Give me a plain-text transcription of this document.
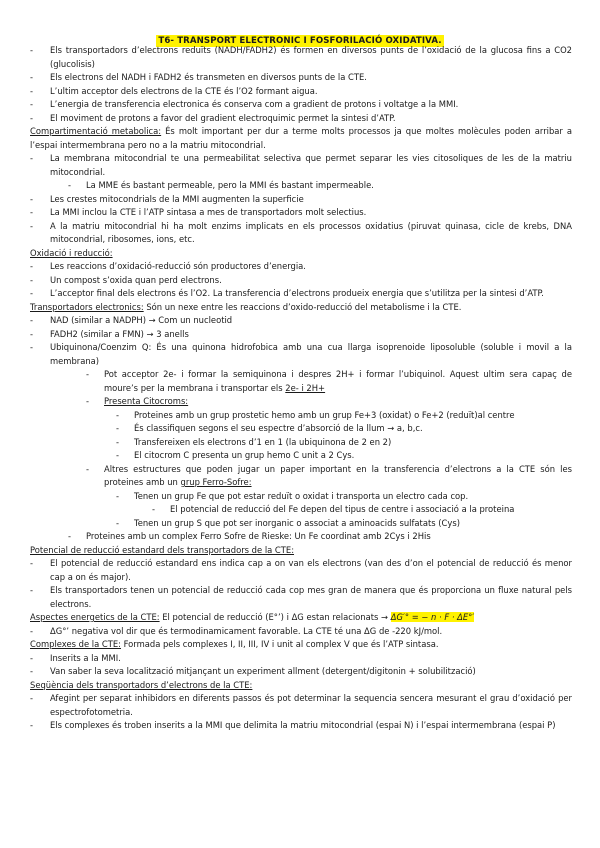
T6- TRANSPORT ELECTRONIC I FOSFORILACIÓ OXIDATIVA.
- Els transportadors d’electrons reduïts (NADH/FADH2) és formen en diversos punts de l’oxidació de la glucosa fins a CO2 (glucolisis)
- Els electrons del NADH i FADH2 és transmeten en diversos punts de la CTE.
- L’ultim acceptor dels electrons de la CTE és l’O2 formant aigua.
- L’energia de transferencia electronica és conserva com a gradient de protons i voltatge a la MMI.
- El moviment de protons a favor del gradient electroquimic permet la sintesi d’ATP.
Compartimentació metabolica: És molt important per dur a terme molts processos ja que moltes molècules poden arribar a l’espai intermembrana pero no a la matriu mitocondrial.
- La membrana mitocondrial te una permeabilitat selectiva que permet separar les vies citosoliques de les de la matriu mitocondrial.
- La MME és bastant permeable, pero la MMI és bastant impermeable.
- Les crestes mitocondrials de la MMI augmenten la superficie
- La MMI inclou la CTE i l’ATP sintasa a mes de transportadors molt selectius.
- A la matriu mitocondrial hi ha molt enzims implicats en els processos oxidatius (piruvat quinasa, cicle de krebs, DNA mitocondrial, ribosomes, ions, etc.
Oxidació i reducció:
- Les reaccions d’oxidació-reducció són productores d’energia.
- Un compost s’oxida quan perd electrons.
- L’acceptor final dels electrons és l’O2. La transferencia d’electrons produeix energia que s’utilitza per la sintesi d’ATP.
Transportadors electronics: Són un nexe entre les reaccions d’oxido-reducció del metabolisme i la CTE.
- NAD (similar a NADPH) → Com un nucleotid
- FADH2 (similar a FMN) → 3 anells
- Ubiquinona/Coenzim Q: És una quinona hidrofobica amb una cua llarga isoprenoide liposoluble (soluble i movil a la membrana)
- Pot acceptor 2e- i formar la semiquinona i despres 2H+ i formar l’ubiquinol. Aquest ultim sera capaç de moure’s per la membrana i transportar els 2e- i 2H+
- Presenta Citocroms:
- Proteines amb un grup prostetic hemo amb un grup Fe+3 (oxidat) o Fe+2 (reduït)al centre
- És classifiquen segons el seu espectre d’absorció de la llum → a, b,c.
- Transfereixen els electrons d’1 en 1 (la ubiquinona de 2 en 2)
- El citocrom C presenta un grup hemo C unit a 2 Cys.
- Altres estructures que poden jugar un paper important en la transferencia d’electrons a la CTE són les proteines amb un grup Ferro-Sofre:
- Tenen un grup Fe que pot estar reduït o oxidat i transporta un electro cada cop.
- El potencial de reducció del Fe depen del tipus de centre i associació a la proteina
- Tenen un grup S que pot ser inorganic o associat a aminoacids sulfatats (Cys)
- Proteines amb un complex Ferro Sofre de Rieske: Un Fe coordinat amb 2Cys i 2His
Potencial de reducció estandard dels transportadors de la CTE:
- El potencial de reducció estandard ens indica cap a on van els electrons (van des d’on el potencial de reducció és menor cap a on és major).
- Els transportadors tenen un potencial de reducció cada cop mes gran de manera que és proporciona un fluxe natural pels electrons.
Aspectes energetics de la CTE: El potencial de reducció (E°’) i ΔG estan relacionats → ΔG′° = − n · F · ΔE°′
- ΔG°’ negativa vol dir que és termodinamicament favorable. La CTE té una ΔG de -220 kJ/mol.
Complexes de la CTE: Formada pels complexes I, II, III, IV i unit al complex V que és l’ATP sintasa.
- Inserits a la MMI.
- Van saber la seva localització mitjançant un experiment allment (detergent/digitonin + solubilització)
Seqüència dels transportadors d’electrons de la CTE:
- Afegint per separat inhibidors en diferents passos és pot determinar la sequencia sencera mesurant el grau d’oxidació per espectrofotometria.
- Els complexes és troben inserits a la MMI que delimita la matriu mitocondrial (espai N) i l’espai intermembrana (espai P)
